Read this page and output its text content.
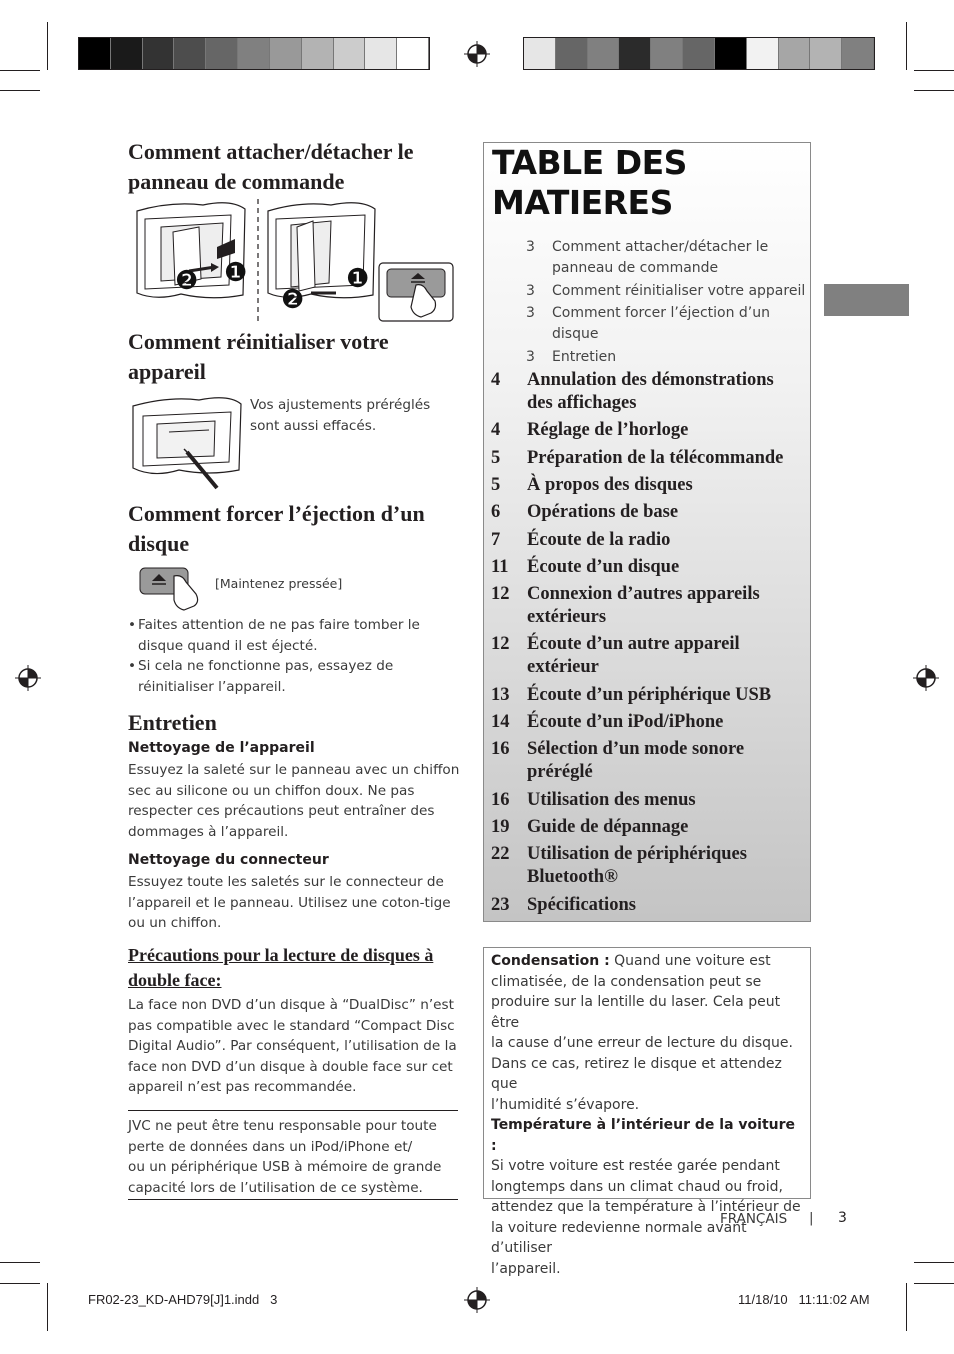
Comment attacher/détacher le
panneau de commande
❷ ❶
❷
❶
Comment réinitialiser votre
appareil
Vos ajustements préréglés
sont aussi effacés.
Comment forcer l’éjection d’un
disque
[Maintenez pressée]
• Faites attention de ne pas faire tomber le
disque quand il est éjecté.
• Si cela ne fonctionne pas, essayez de
réinitialiser l’appareil.
Entretien
Nettoyage de l’appareil
Essuyez la saleté sur le panneau avec un chiffon
sec au silicone ou un chiffon doux. Ne pas
respecter ces précautions peut entraîner des
dommages à l’appareil.
Nettoyage du connecteur
Essuyez toute les saletés sur le connecteur de
l’appareil et le panneau. Utilisez une coton-tige
ou un chiffon.
Précautions pour la lecture de disques à
double face:
La face non DVD d’un disque à “DualDisc” n’est
pas compatible avec le standard “Compact Disc
Digital Audio”. Par conséquent, l’utilisation de la
face non DVD d’un disque à double face sur cet
appareil n’est pas recommandée.
JVC ne peut être tenu responsable pour toute
perte de données dans un iPod/iPhone et/
ou un périphérique USB à mémoire de grande
capacité lors de l’utilisation de ce système.
TABLE DES
MATIERES
3 Comment attacher/détacher le
panneau de commande
3 Comment réinitialiser votre appareil
3 Comment forcer l’éjection d’un
disque
3 Entretien
4 Annulation des démonstrations
des affichages
4 Réglage de l’horloge
5 Préparation de la télécommande
5 À propos des disques
6 Opérations de base
7 Écoute de la radio
11 Écoute d’un disque
12 Connexion d’autres appareils
extérieurs
12 Écoute d’un autre appareil
extérieur
13 Écoute d’un périphérique USB
14 Écoute d’un iPod/iPhone
16 Sélection d’un mode sonore
préréglé
16 Utilisation des menus
19 Guide de dépannage
22 Utilisation de périphériques
Bluetooth®
23 Spécifications
Condensation : Quand une voiture est
climatisée, de la condensation peut se
produire sur la lentille du laser. Cela peut être
la cause d’une erreur de lecture du disque.
Dans ce cas, retirez le disque et attendez que
l’humidité s’évapore.
Température à l’intérieur de la voiture :
Si votre voiture est restée garée pendant
longtemps dans un climat chaud ou froid,
attendez que la température à l’intérieur de
la voiture redevienne normale avant d’utiliser
l’appareil.
FRANÇAIS | 3
FR02-23_KD-AHD79[J]1.indd   3	11/18/10   11:11:02 AM
